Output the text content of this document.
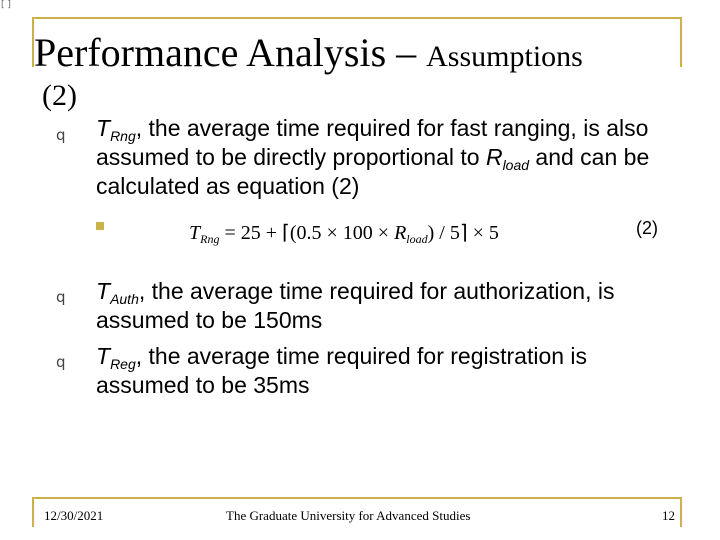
[ ]
Performance Analysis – Assumptions
(2)
q $T_{Rng}$, the average time required for fast ranging, is also assumed to be directly proportional to $R_{load}$ and can be calculated as equation (2)
$T_{Rng} = 25$ + ⌈(0.5 × $100 \times R_{load}$) / 5⌉ × 5	(2)
q $T_{Auth}$, the average time required for authorization, is assumed to be 150ms
q $T_{Reg}$, the average time required for registration is assumed to be 35ms
12/30/2021	The Graduate University for Advanced Studies	12
